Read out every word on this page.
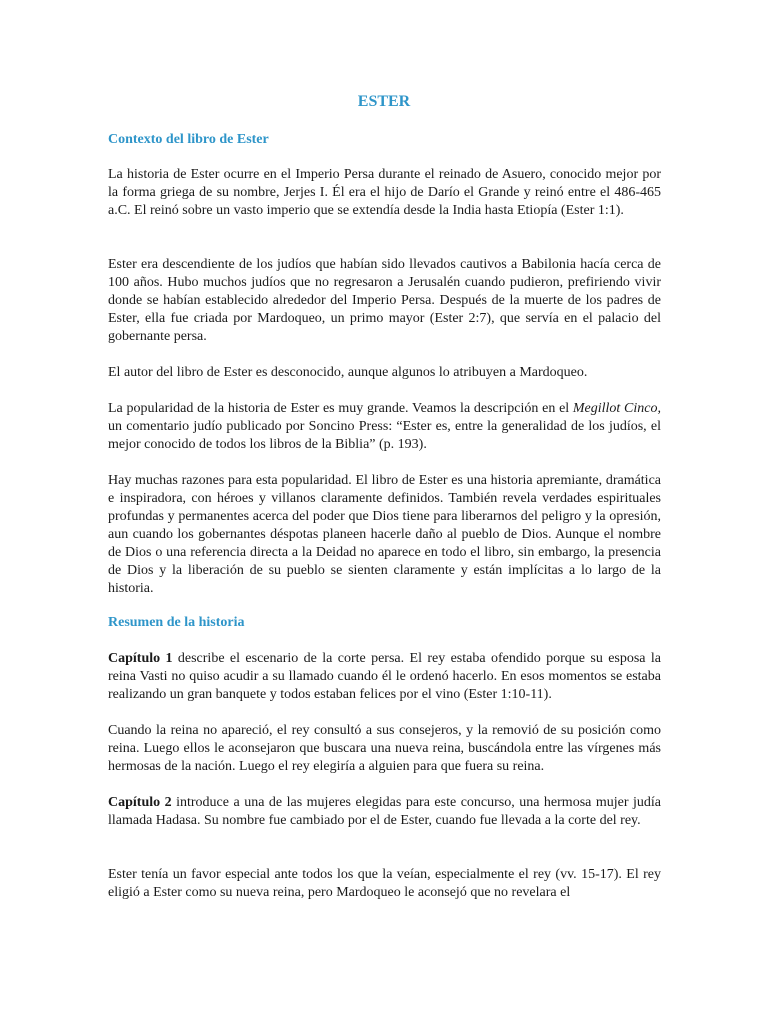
ESTER
Contexto del libro de Ester

La historia de Ester ocurre en el Imperio Persa durante el reinado de Asuero, conocido mejor por la forma griega de su nombre, Jerjes I. Él era el hijo de Darío el Grande y reinó entre el 486-465 a.C. El reinó sobre un vasto imperio que se extendía desde la India hasta Etiopía (Ester 1:1).

Ester era descendiente de los judíos que habían sido llevados cautivos a Babilonia hacía cerca de 100 años. Hubo muchos judíos que no regresaron a Jerusalén cuando pudieron, prefiriendo vivir donde se habían establecido alrededor del Imperio Persa. Después de la muerte de los padres de Ester, ella fue criada por Mardoqueo, un primo mayor (Ester 2:7), que servía en el palacio del gobernante persa.

El autor del libro de Ester es desconocido, aunque algunos lo atribuyen a Mardoqueo.

La popularidad de la historia de Ester es muy grande. Veamos la descripción en el Megillot Cinco, un comentario judío publicado por Soncino Press: “Ester es, entre la generalidad de los judíos, el mejor conocido de todos los libros de la Biblia” (p. 193).

Hay muchas razones para esta popularidad. El libro de Ester es una historia apremiante, dramática e inspiradora, con héroes y villanos claramente definidos. También revela verdades espirituales profundas y permanentes acerca del poder que Dios tiene para liberarnos del peligro y la opresión, aun cuando los gobernantes déspotas planeen hacerle daño al pueblo de Dios. Aunque el nombre de Dios o una referencia directa a la Deidad no aparece en todo el libro, sin embargo, la presencia de Dios y la liberación de su pueblo se sienten claramente y están implícitas a lo largo de la historia.

Resumen de la historia

Capítulo 1 describe el escenario de la corte persa. El rey estaba ofendido porque su esposa la reina Vasti no quiso acudir a su llamado cuando él le ordenó hacerlo. En esos momentos se estaba realizando un gran banquete y todos estaban felices por el vino (Ester 1:10-11).

Cuando la reina no apareció, el rey consultó a sus consejeros, y la removió de su posición como reina. Luego ellos le aconsejaron que buscara una nueva reina, buscándola entre las vírgenes más hermosas de la nación. Luego el rey elegiría a alguien para que fuera su reina.

Capítulo 2 introduce a una de las mujeres elegidas para este concurso, una hermosa mujer judía llamada Hadasa. Su nombre fue cambiado por el de Ester, cuando fue llevada a la corte del rey.

Ester tenía un favor especial ante todos los que la veían, especialmente el rey (vv. 15-17). El rey eligió a Ester como su nueva reina, pero Mardoqueo le aconsejó que no revelara el
